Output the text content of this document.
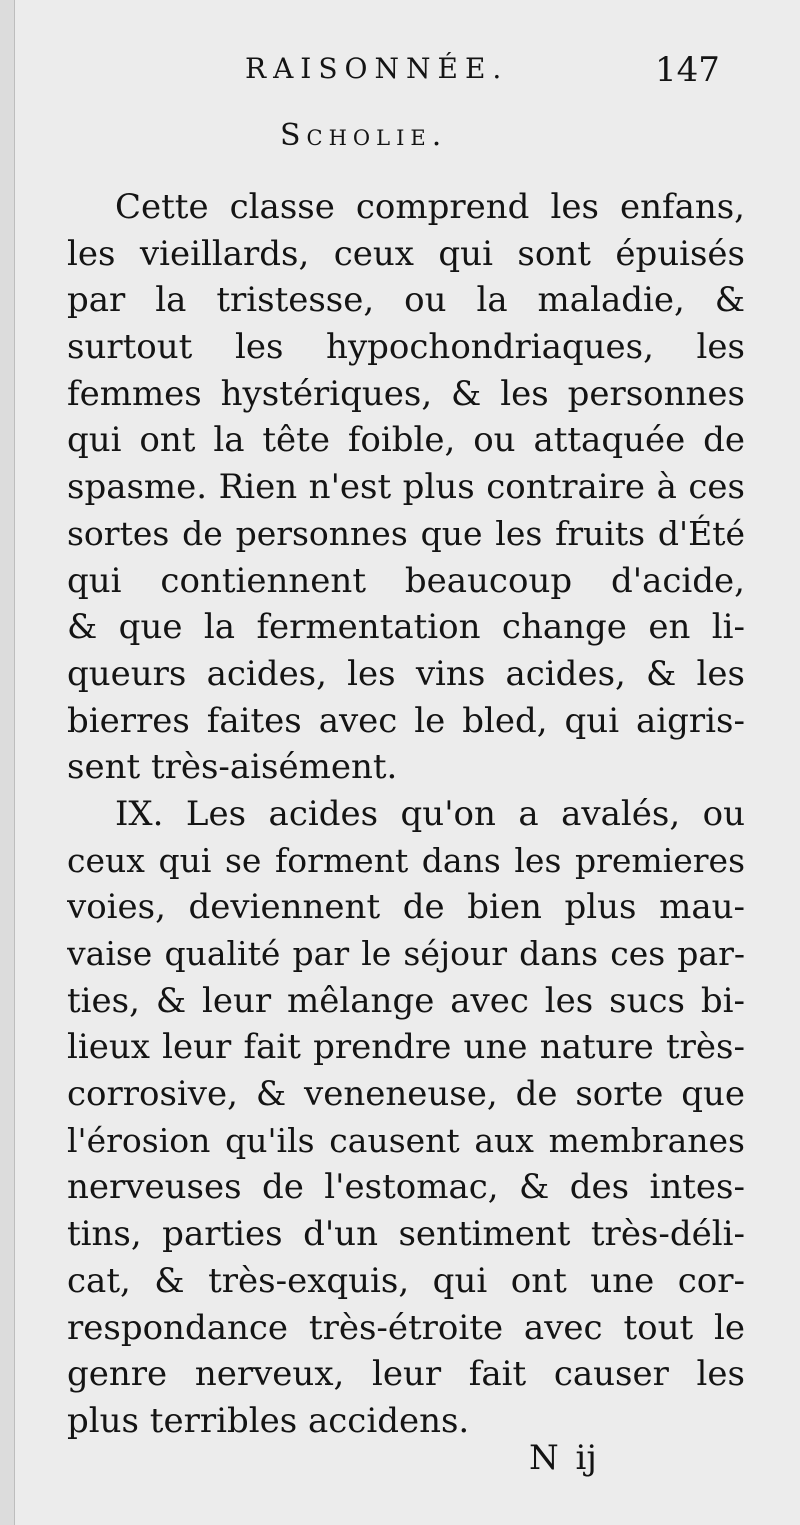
RAISONNÉE.	147
Scholie.
Cette classe comprend les enfans,
les vieillards, ceux qui sont épuisés
par la tristesse, ou la maladie, &
surtout les hypochondriaques, les
femmes hystériques, & les personnes
qui ont la tête foible, ou attaquée de
spasme. Rien n'est plus contraire à ces
sortes de personnes que les fruits d'Été
qui contiennent beaucoup d'acide,
& que la fermentation change en li-
queurs acides, les vins acides, & les
bierres faites avec le bled, qui aigris-
sent très-aisément.
IX. Les acides qu'on a avalés, ou
ceux qui se forment dans les premieres
voies, deviennent de bien plus mau-
vaise qualité par le séjour dans ces par-
ties, & leur mêlange avec les sucs bi-
lieux leur fait prendre une nature très-
corrosive, & veneneuse, de sorte que
l'érosion qu'ils causent aux membranes
nerveuses de l'estomac, & des intes-
tins, parties d'un sentiment très-déli-
cat, & très-exquis, qui ont une cor-
respondance très-étroite avec tout le
genre nerveux, leur fait causer les
plus terribles accidens.
N ij
